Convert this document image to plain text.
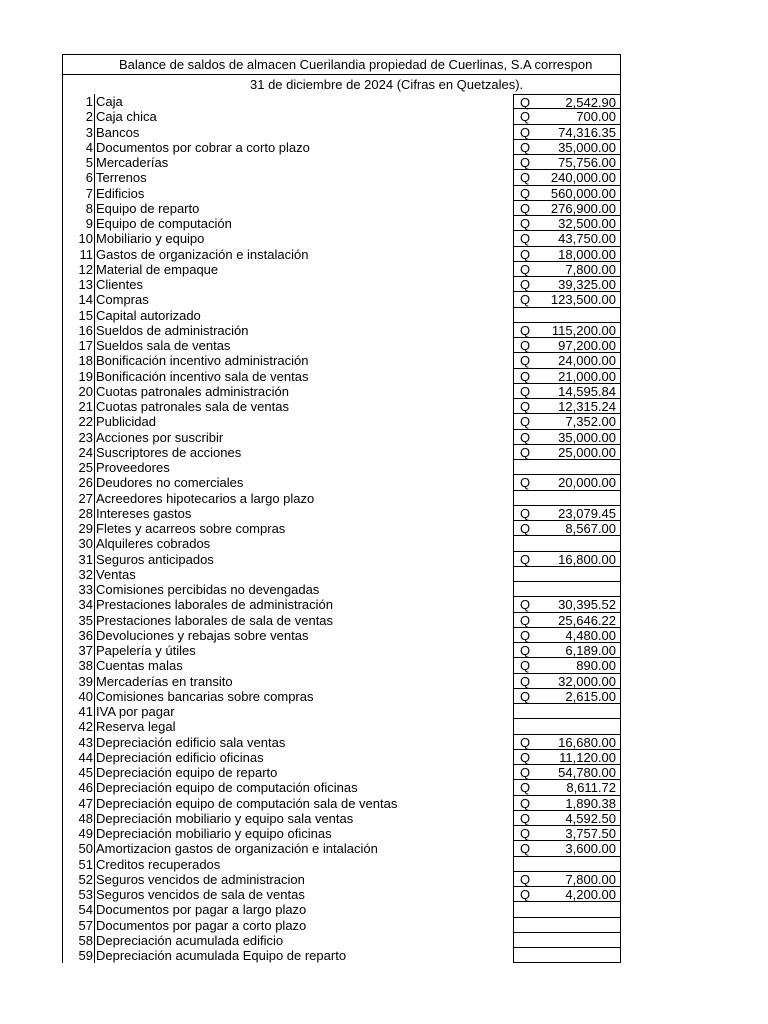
Balance de saldos de almacen Cuerilandia propiedad de Cuerlinas, S.A correspon
31 de diciembre de 2024 (Cifras en Quetzales).
1 Caja	Q	2,542.90
2 Caja chica	Q	700.00
3 Bancos	Q 74,316.35
4 Documentos por cobrar a corto plazo	Q 35,000.00
5 Mercaderías	Q 75,756.00
6 Terrenos	Q 240,000.00
7 Edificios	Q 560,000.00
8 Equipo de reparto	Q 276,900.00
9 Equipo de computación	Q 32,500.00
10 Mobiliario y equipo	Q 43,750.00
11 Gastos de organización e instalación	Q 18,000.00
12 Material de empaque	Q	7,800.00
13 Clientes	Q 39,325.00
14 Compras	Q 123,500.00
15 Capital autorizado
16 Sueldos de administración	Q 115,200.00
17 Sueldos sala de ventas	Q 97,200.00
18 Bonificación incentivo administración	Q 24,000.00
19 Bonificación incentivo sala de ventas	Q 21,000.00
20 Cuotas patronales administración	Q 14,595.84
21 Cuotas patronales sala de ventas	Q 12,315.24
22 Publicidad	Q	7,352.00
23 Acciones por suscribir	Q 35,000.00
24 Suscriptores de acciones	Q 25,000.00
25 Proveedores
26 Deudores no comerciales	Q 20,000.00
27 Acreedores hipotecarios a largo plazo
28 Intereses gastos	Q 23,079.45
29 Fletes y acarreos sobre compras	Q	8,567.00
30 Alquileres cobrados
31 Seguros anticipados	Q 16,800.00
32 Ventas
33 Comisiones percibidas no devengadas
34 Prestaciones laborales de administración	Q 30,395.52
35 Prestaciones laborales de sala de ventas	Q 25,646.22
36 Devoluciones y rebajas sobre ventas	Q	4,480.00
37 Papelería y útiles	Q	6,189.00
38 Cuentas malas	Q	890.00
39 Mercaderías en transito	Q 32,000.00
40 Comisiones bancarias sobre compras	Q	2,615.00
41 IVA por pagar
42 Reserva legal
43 Depreciación edificio sala ventas	Q 16,680.00
44 Depreciación edificio oficinas	Q 11,120.00
45 Depreciación equipo de reparto	Q 54,780.00
46 Depreciación equipo de computación oficinas	Q	8,611.72
47 Depreciación equipo de computación sala de ventas	Q	1,890.38
48 Depreciación mobiliario y equipo sala ventas	Q	4,592.50
49 Depreciación mobiliario y equipo oficinas	Q	3,757.50
50 Amortizacion gastos de organización e intalación	Q	3,600.00
51 Creditos recuperados
52 Seguros vencidos de administracion	Q	7,800.00
53 Seguros vencidos de sala de ventas	Q	4,200.00
54 Documentos por pagar a largo plazo
57 Documentos por pagar a corto plazo
58 Depreciación acumulada edificio
59 Depreciación acumulada Equipo de reparto
